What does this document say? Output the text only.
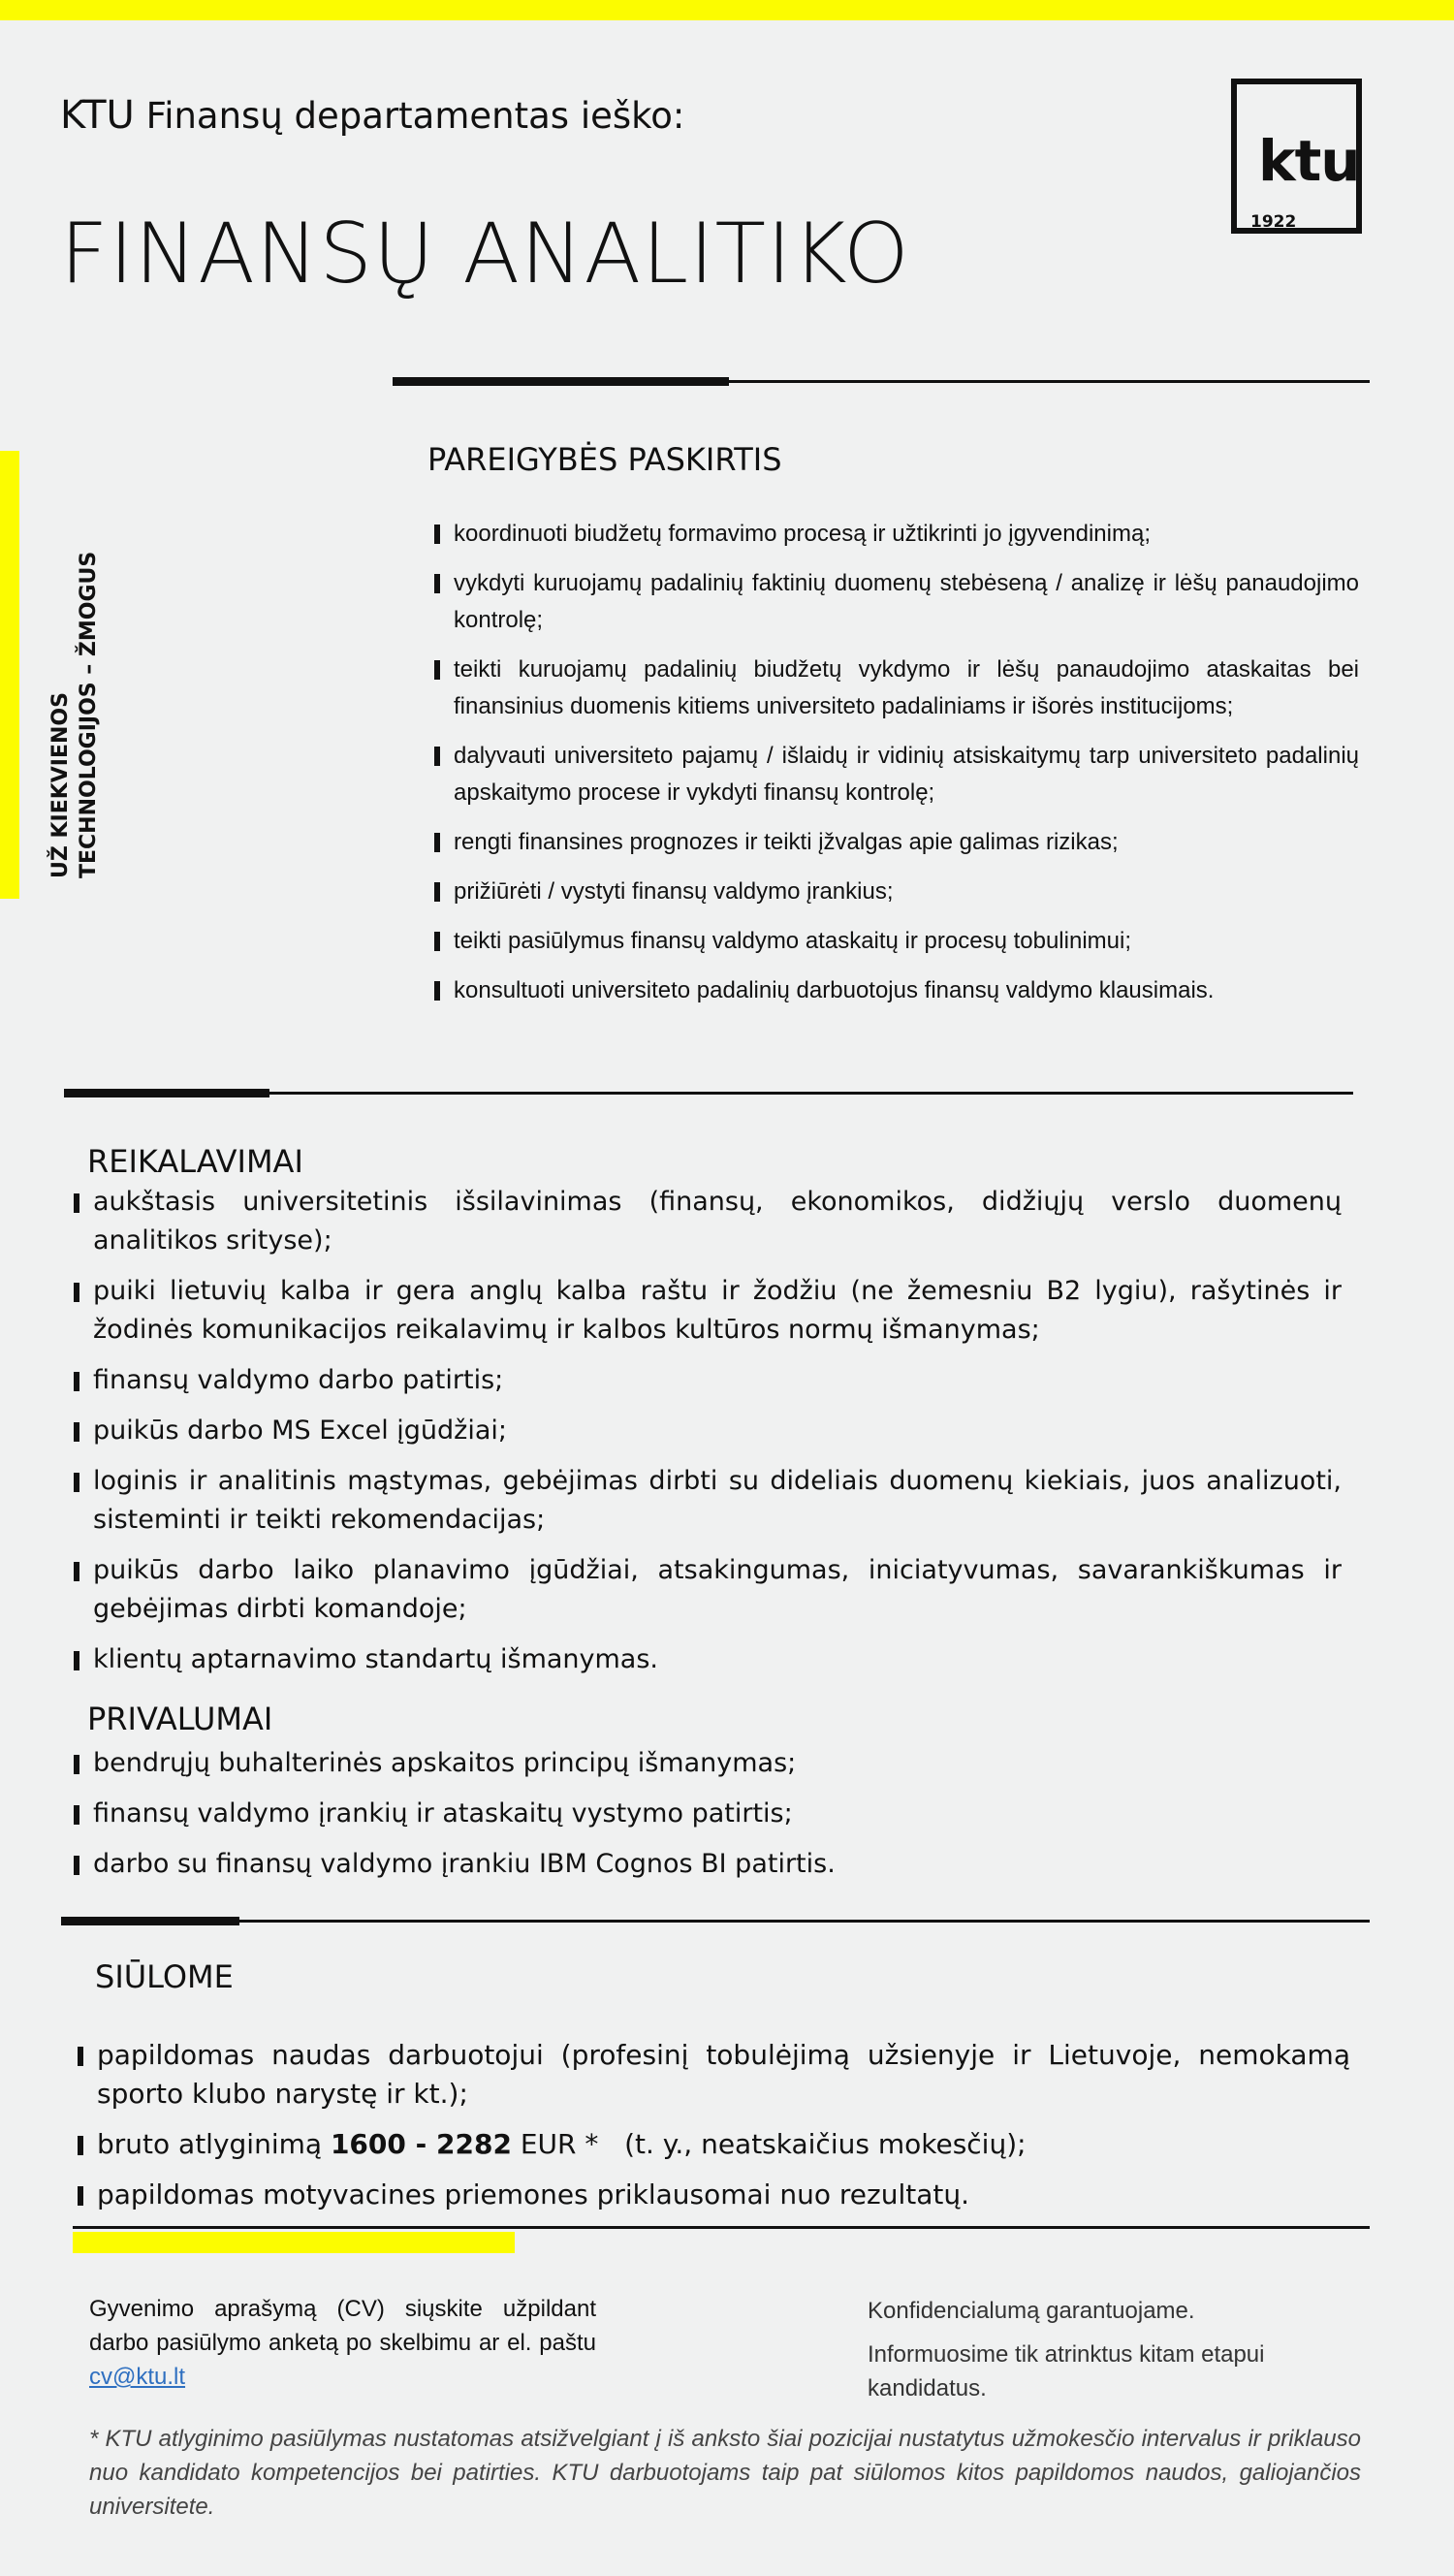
UŽ KIEKVIENOS TECHNOLOGIJOS – ŽMOGUS
KTU Finansų departamentas ieško:
FINANSŲ ANALITIKO
ktu
1922
PAREIGYBĖS PASKIRTIS
koordinuoti biudžetų formavimo procesą ir užtikrinti jo įgyvendinimą;
vykdyti kuruojamų padalinių faktinių duomenų stebėseną / analizę ir lėšų panaudojimo kontrolę;
teikti kuruojamų padalinių biudžetų vykdymo ir lėšų panaudojimo ataskaitas bei finansinius duomenis kitiems universiteto padaliniams ir išorės institucijoms;
dalyvauti universiteto pajamų / išlaidų ir vidinių atsiskaitymų tarp universiteto padalinių apskaitymo procese ir vykdyti finansų kontrolę;
rengti finansines prognozes ir teikti įžvalgas apie galimas rizikas;
prižiūrėti / vystyti finansų valdymo įrankius;
teikti pasiūlymus finansų valdymo ataskaitų ir procesų tobulinimui;
konsultuoti universiteto padalinių darbuotojus finansų valdymo klausimais.
REIKALAVIMAI
aukštasis universitetinis išsilavinimas (finansų, ekonomikos, didžiųjų verslo duomenų analitikos srityse);
puiki lietuvių kalba ir gera anglų kalba raštu ir žodžiu (ne žemesniu B2 lygiu), rašytinės ir žodinės komunikacijos reikalavimų ir kalbos kultūros normų išmanymas;
finansų valdymo darbo patirtis;
puikūs darbo MS Excel įgūdžiai;
loginis ir analitinis mąstymas, gebėjimas dirbti su dideliais duomenų kiekiais, juos analizuoti, sisteminti ir teikti rekomendacijas;
puikūs darbo laiko planavimo įgūdžiai, atsakingumas, iniciatyvumas, savarankiškumas ir gebėjimas dirbti komandoje;
klientų aptarnavimo standartų išmanymas.
PRIVALUMAI
bendrųjų buhalterinės apskaitos principų išmanymas;
finansų valdymo įrankių ir ataskaitų vystymo patirtis;
darbo su finansų valdymo įrankiu IBM Cognos BI patirtis.
SIŪLOME
papildomas naudas darbuotojui (profesinį tobulėjimą užsienyje ir Lietuvoje, nemokamą sporto klubo narystę ir kt.);
bruto atlyginimą 1600 - 2282 EUR * (t. y., neatskaičius mokesčių);
papildomas motyvacines priemones priklausomai nuo rezultatų.
Gyvenimo aprašymą (CV) siųskite užpildant darbo pasiūlymo anketą po skelbimu ar el. paštu cv@ktu.lt

Konfidencialumą garantuojame.

Informuosime tik atrinktus kitam etapui kandidatus.

* KTU atlyginimo pasiūlymas nustatomas atsižvelgiant į iš anksto šiai pozicijai nustatytus užmokesčio intervalus ir priklauso nuo kandidato kompetencijos bei patirties. KTU darbuotojams taip pat siūlomos kitos papildomos naudos, galiojančios universitete.
